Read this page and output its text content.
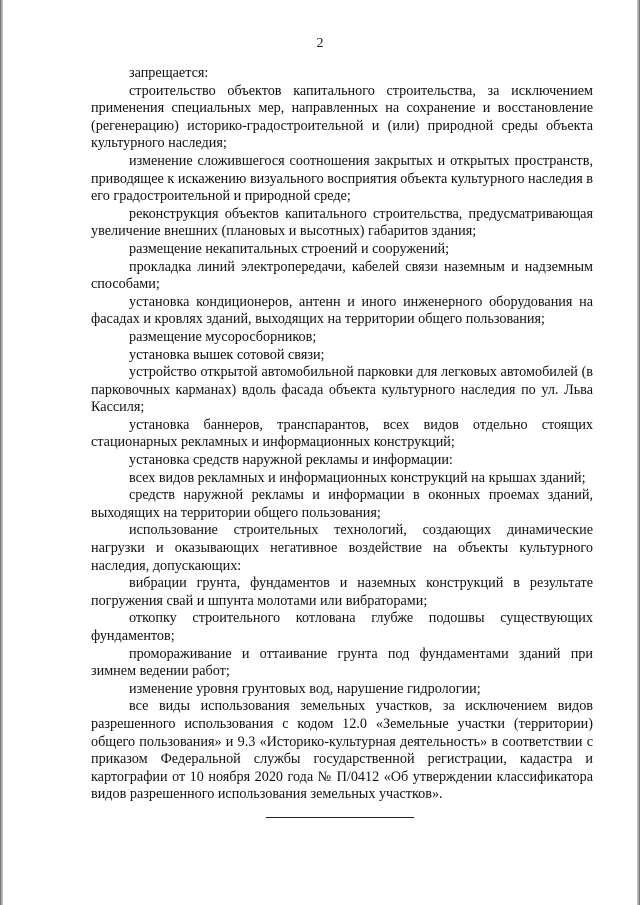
2

запрещается:

строительство объектов капитального строительства, за исключением применения специальных мер, направленных на сохранение и восстановление (регенерацию) историко-градостроительной и (или) природной среды объекта культурного наследия;

изменение сложившегося соотношения закрытых и открытых пространств, приводящее к искажению визуального восприятия объекта культурного наследия в его градостроительной и природной среде;

реконструкция объектов капитального строительства, предусматривающая увеличение внешних (плановых и высотных) габаритов здания;

размещение некапитальных строений и сооружений;

прокладка линий электропередачи, кабелей связи наземным и надземным способами;

установка кондиционеров, антенн и иного инженерного оборудования на фасадах и кровлях зданий, выходящих на территории общего пользования;

размещение мусоросборников;

установка вышек сотовой связи;

устройство открытой автомобильной парковки для легковых автомобилей (в парковочных карманах) вдоль фасада объекта культурного наследия по ул. Льва Кассиля;

установка баннеров, транспарантов, всех видов отдельно стоящих стационарных рекламных и информационных конструкций;

установка средств наружной рекламы и информации:

всех видов рекламных и информационных конструкций на крышах зданий;

средств наружной рекламы и информации в оконных проемах зданий, выходящих на территории общего пользования;

использование строительных технологий, создающих динамические нагрузки и оказывающих негативное воздействие на объекты культурного наследия, допускающих:

вибрации грунта, фундаментов и наземных конструкций в результате погружения свай и шпунта молотами или вибраторами;

откопку строительного котлована глубже подошвы существующих фундаментов;

промораживание и оттаивание грунта под фундаментами зданий при зимнем ведении работ;

изменение уровня грунтовых вод, нарушение гидрологии;

все виды использования земельных участков, за исключением видов разрешенного использования с кодом 12.0 «Земельные участки (территории) общего пользования» и 9.3 «Историко-культурная деятельность» в соответствии с приказом Федеральной службы государственной регистрации, кадастра и картографии от 10 ноября 2020 года № П/0412 «Об утверждении классификатора видов разрешенного использования земельных участков».
